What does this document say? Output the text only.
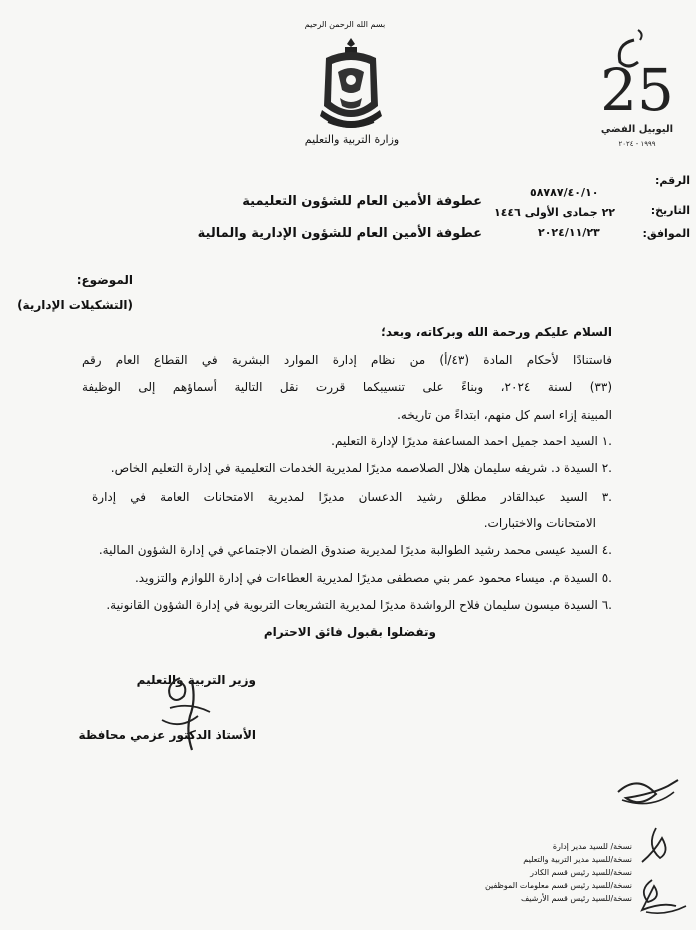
بسم الله الرحمن الرحيم
وزارة التربية والتعليم
25
اليوبيل الفضي
١٩٩٩ - ٢٠٢٤
الرقم:
٥٨٧٨٧/٤٠/١٠
التاريخ:
٢٢ جمادى الأولى ١٤٤٦
الموافق:
٢٠٢٤/١١/٢٣
عطوفة الأمين العام للشؤون التعليمية
عطوفة الأمين العام للشؤون الإدارية والمالية
الموضوع:
(التشكيلات الإدارية)
السلام عليكم ورحمة الله وبركاته، وبعد؛
فاستنادًا لأحكام المادة (٤٣/أ) من نظام إدارة الموارد البشرية في القطاع العام رقم
(٣٣) لسنة ٢٠٢٤، وبناءً على تنسيبكما قررت نقل التالية أسماؤهم إلى الوظيفة
المبينة إزاء اسم كل منهم، ابتداءً من تاريخه.
.١ السيد احمد جميل احمد المساعفة مديرًا لإدارة التعليم.
.٢ السيدة د. شريفه سليمان هلال الصلاصمه مديرًا لمديرية الخدمات التعليمية في إدارة التعليم الخاص.
.٣ السيد عبدالقادر مطلق رشيد الدعسان مديرًا لمديرية الامتحانات العامة في إدارة
الامتحانات والاختبارات.
.٤ السيد عيسى محمد رشيد الطوالبة مديرًا لمديرية صندوق الضمان الاجتماعي في إدارة الشؤون المالية.
.٥ السيدة م. ميساء محمود عمر بني مصطفى مديرًا لمديرية العطاءات في إدارة اللوازم والتزويد.
.٦ السيدة ميسون سليمان فلاح الرواشدة مديرًا لمديرية التشريعات التربوية في إدارة الشؤون القانونية.
وتفضلوا بقبول فائق الاحترام
وزير التربية والتعليم
الأستاذ الدكتور عزمي محافظة
نسخة/ للسيد مدير إدارة
نسخة/للسيد مدير التربية والتعليم
نسخة/للسيد رئيس قسم الكادر
نسخة/للسيد رئيس قسم معلومات الموظفين
نسخة/للسيد رئيس قسم الأرشيف
